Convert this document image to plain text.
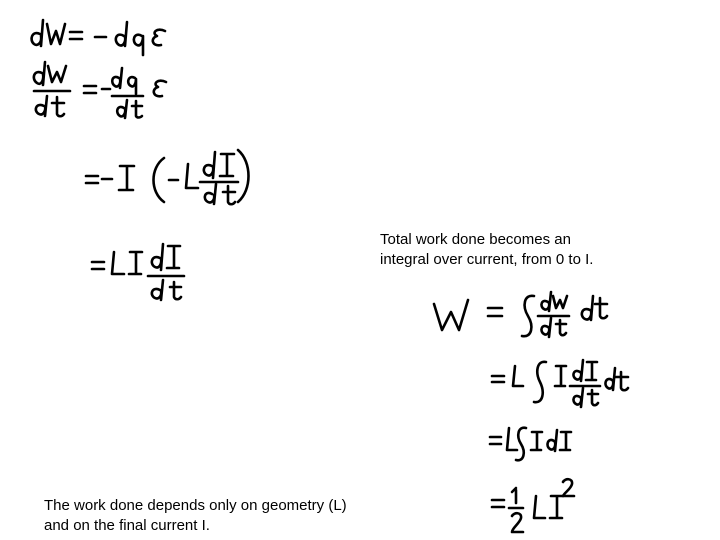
Total work done becomes an
integral over current, from 0 to I.
The work done depends only on geometry (L)
and on the final current I.
